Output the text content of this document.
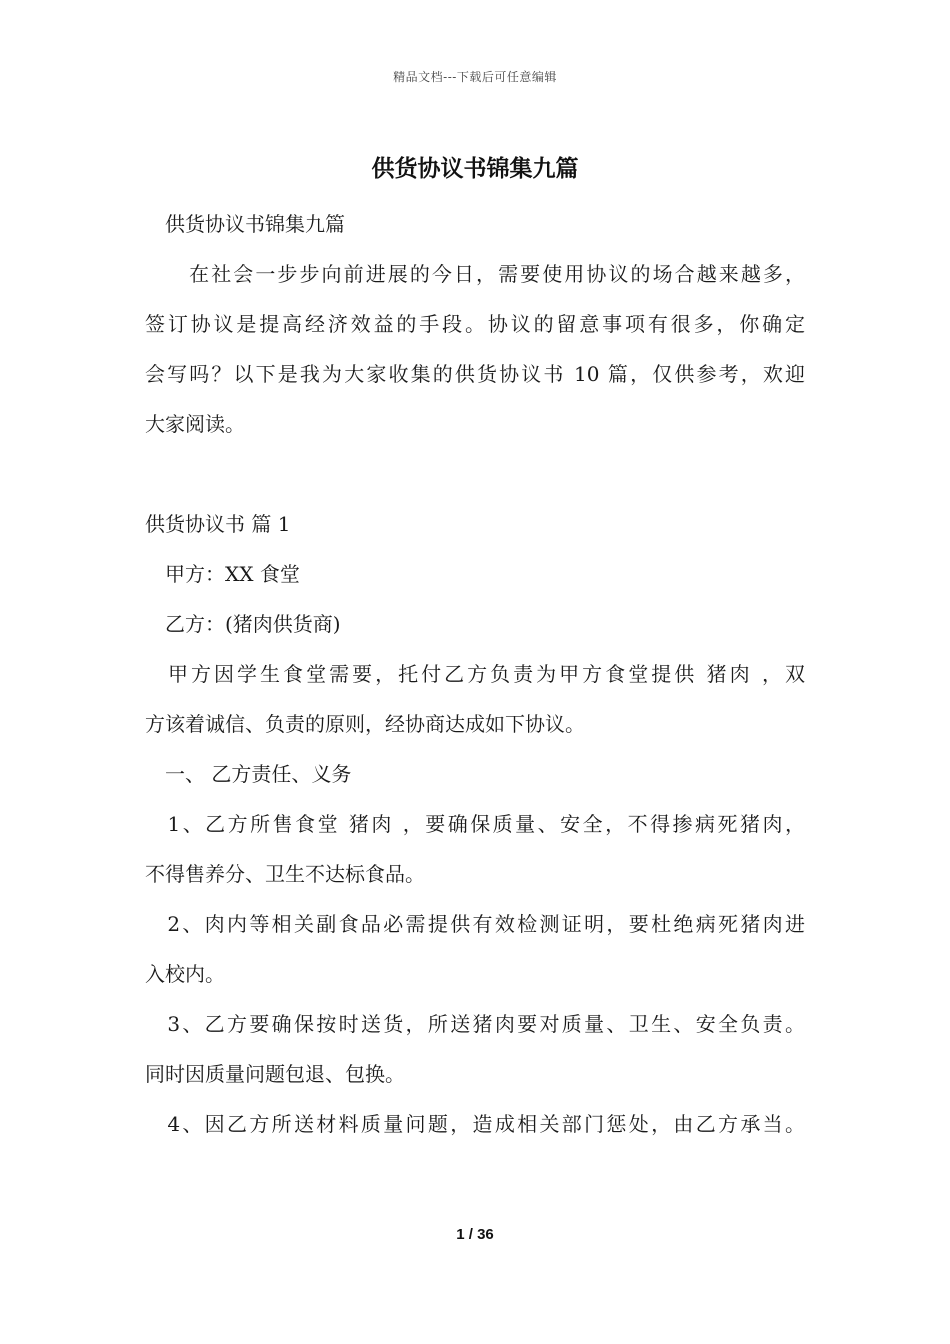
精品文档---下载后可任意编辑
供货协议书锦集九篇
　供货协议书锦集九篇
　　在社会一步步向前进展的今日，需要使用协议的场合越来越多，
签订协议是提高经济效益的手段。协议的留意事项有很多，你确定
会写吗？以下是我为大家收集的供货协议书 10 篇，仅供参考，欢迎
大家阅读。
供货协议书 篇 1
　甲方：XX 食堂
　乙方：(猪肉供货商)
　甲方因学生食堂需要，托付乙方负责为甲方食堂提供 猪肉 ，双
方该着诚信、负责的原则，经协商达成如下协议。
　一、 乙方责任、义务
　1、乙方所售食堂 猪肉 ，要确保质量、安全，不得掺病死猪肉，
不得售养分、卫生不达标食品。
　2、肉内等相关副食品必需提供有效检测证明，要杜绝病死猪肉进
入校内。
　3、乙方要确保按时送货，所送猪肉要对质量、卫生、安全负责。
同时因质量问题包退、包换。
　4、因乙方所送材料质量问题，造成相关部门惩处，由乙方承当。
1 / 36
